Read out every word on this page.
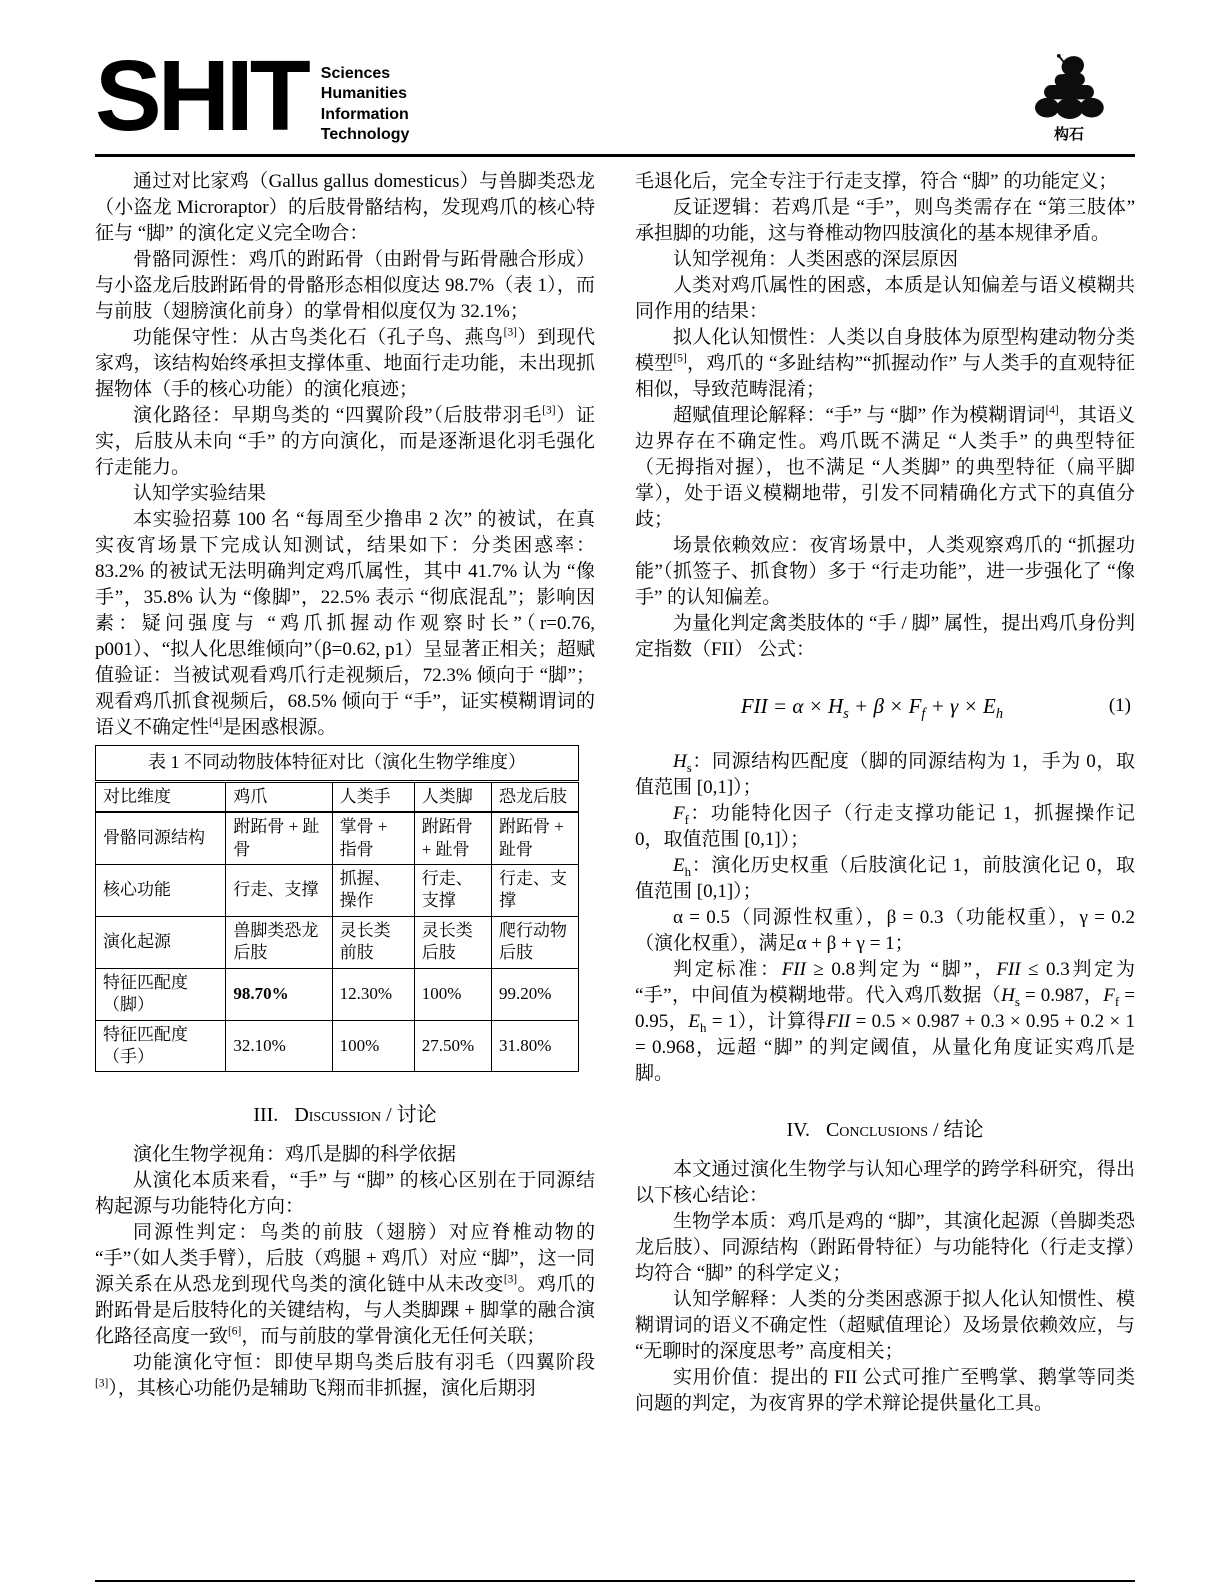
SHIT Sciences
Humanities
Information
Technology	构石

通过对比家鸡（Gallus gallus domesticus）与兽脚类恐龙（小盗龙 Microraptor）的后肢骨骼结构，发现鸡爪的核心特征与 “脚” 的演化定义完全吻合：

骨骼同源性：鸡爪的跗跖骨（由跗骨与跖骨融合形成）与小盗龙后肢跗跖骨的骨骼形态相似度达 98.7%（表 1），而与前肢（翅膀演化前身）的掌骨相似度仅为 32.1%；

功能保守性：从古鸟类化石（孔子鸟、燕鸟[3]）到现代家鸡，该结构始终承担支撑体重、地面行走功能，未出现抓握物体（手的核心功能）的演化痕迹；

演化路径：早期鸟类的 “四翼阶段”（后肢带羽毛[3]）证实，后肢从未向 “手” 的方向演化，而是逐渐退化羽毛强化行走能力。

认知学实验结果

本实验招募 100 名 “每周至少撸串 2 次” 的被试，在真实夜宵场景下完成认知测试，结果如下：分类困惑率：83.2% 的被试无法明确判定鸡爪属性，其中 41.7% 认为 “像手”，35.8% 认为 “像脚”，22.5% 表示 “彻底混乱”；影响因素：疑问强度与 “鸡爪抓握动作观察时长”（r=0.76, p001）、“拟人化思维倾向”（β=0.62, p1）呈显著正相关；超赋值验证：当被试观看鸡爪行走视频后，72.3% 倾向于 “脚”；观看鸡爪抓食视频后，68.5% 倾向于 “手”，证实模糊谓词的语义不确定性[4]是困惑根源。

表 1 不同动物肢体特征对比（演化生物学维度）				
对比维度	鸡爪	人类手	人类脚	恐龙后肢
骨骼同源结构	跗跖骨 + 趾骨	掌骨 + 指骨	跗跖骨 + 趾骨	跗跖骨 + 趾骨
核心功能	行走、支撑	抓握、操作	行走、支撑	行走、支撑
演化起源	兽脚类恐龙后肢	灵长类前肢	灵长类后肢	爬行动物后肢
特征匹配度（脚）	98.70%	12.30%	100%	99.20%
特征匹配度（手）	32.10%	100%	27.50%	31.80%
III. Discussion / 讨论

演化生物学视角：鸡爪是脚的科学依据

从演化本质来看，“手” 与 “脚” 的核心区别在于同源结构起源与功能特化方向：

同源性判定：鸟类的前肢（翅膀）对应脊椎动物的 “手”（如人类手臂），后肢（鸡腿 + 鸡爪）对应 “脚”，这一同源关系在从恐龙到现代鸟类的演化链中从未改变[3]。鸡爪的跗跖骨是后肢特化的关键结构，与人类脚踝 + 脚掌的融合演化路径高度一致[6]，而与前肢的掌骨演化无任何关联；

功能演化守恒：即使早期鸟类后肢有羽毛（四翼阶段[3]），其核心功能仍是辅助飞翔而非抓握，演化后期羽

毛退化后，完全专注于行走支撑，符合 “脚” 的功能定义；

反证逻辑：若鸡爪是 “手”，则鸟类需存在 “第三肢体” 承担脚的功能，这与脊椎动物四肢演化的基本规律矛盾。

认知学视角：人类困惑的深层原因

人类对鸡爪属性的困惑，本质是认知偏差与语义模糊共同作用的结果：

拟人化认知惯性：人类以自身肢体为原型构建动物分类模型[5]，鸡爪的 “多趾结构”“抓握动作” 与人类手的直观特征相似，导致范畴混淆；

超赋值理论解释：“手” 与 “脚” 作为模糊谓词[4]，其语义边界存在不确定性。鸡爪既不满足 “人类手” 的典型特征（无拇指对握），也不满足 “人类脚” 的典型特征（扁平脚掌），处于语义模糊地带，引发不同精确化方式下的真值分歧；

场景依赖效应：夜宵场景中，人类观察鸡爪的 “抓握功能”（抓签子、抓食物）多于 “行走功能”，进一步强化了 “像手” 的认知偏差。

为量化判定禽类肢体的 “手 / 脚” 属性，提出鸡爪身份判定指数（FII） 公式：

FII = $\alpha \times H_s + \beta \times F_f + \gamma \times E_h$	(1)

$H_s$：同源结构匹配度（脚的同源结构为 1，手为 0，取值范围 [0,1]）；

$F_f$：功能特化因子（行走支撑功能记 1，抓握操作记 0，取值范围 [0,1]）；

$E_h$：演化历史权重（后肢演化记 1，前肢演化记 0，取值范围 [0,1]）；

α = 0.5（同源性权重），β = 0.3（功能权重），γ = 0.2（演化权重），满足α + β + γ = 1；

判定标准：FII ≥ 0.8判定为 “脚”，FII ≤ 0.3判定为 “手”，中间值为模糊地带。代入鸡爪数据（$H_s = 0.987$，$F_f = 0.95$，$E_h = 1$），计算得FII = 0.5 × 0.987 + 0.3 × 0.95 + 0.2 × 1 = 0.968，远超 “脚” 的判定阈值，从量化角度证实鸡爪是脚。

IV. Conclusions / 结论

本文通过演化生物学与认知心理学的跨学科研究，得出以下核心结论：

生物学本质：鸡爪是鸡的 “脚”，其演化起源（兽脚类恐龙后肢）、同源结构（跗跖骨特征）与功能特化（行走支撑）均符合 “脚” 的科学定义；

认知学解释：人类的分类困惑源于拟人化认知惯性、模糊谓词的语义不确定性（超赋值理论）及场景依赖效应，与 “无聊时的深度思考” 高度相关；

实用价值：提出的 FII 公式可推广至鸭掌、鹅掌等同类问题的判定，为夜宵界的学术辩论提供量化工具。
